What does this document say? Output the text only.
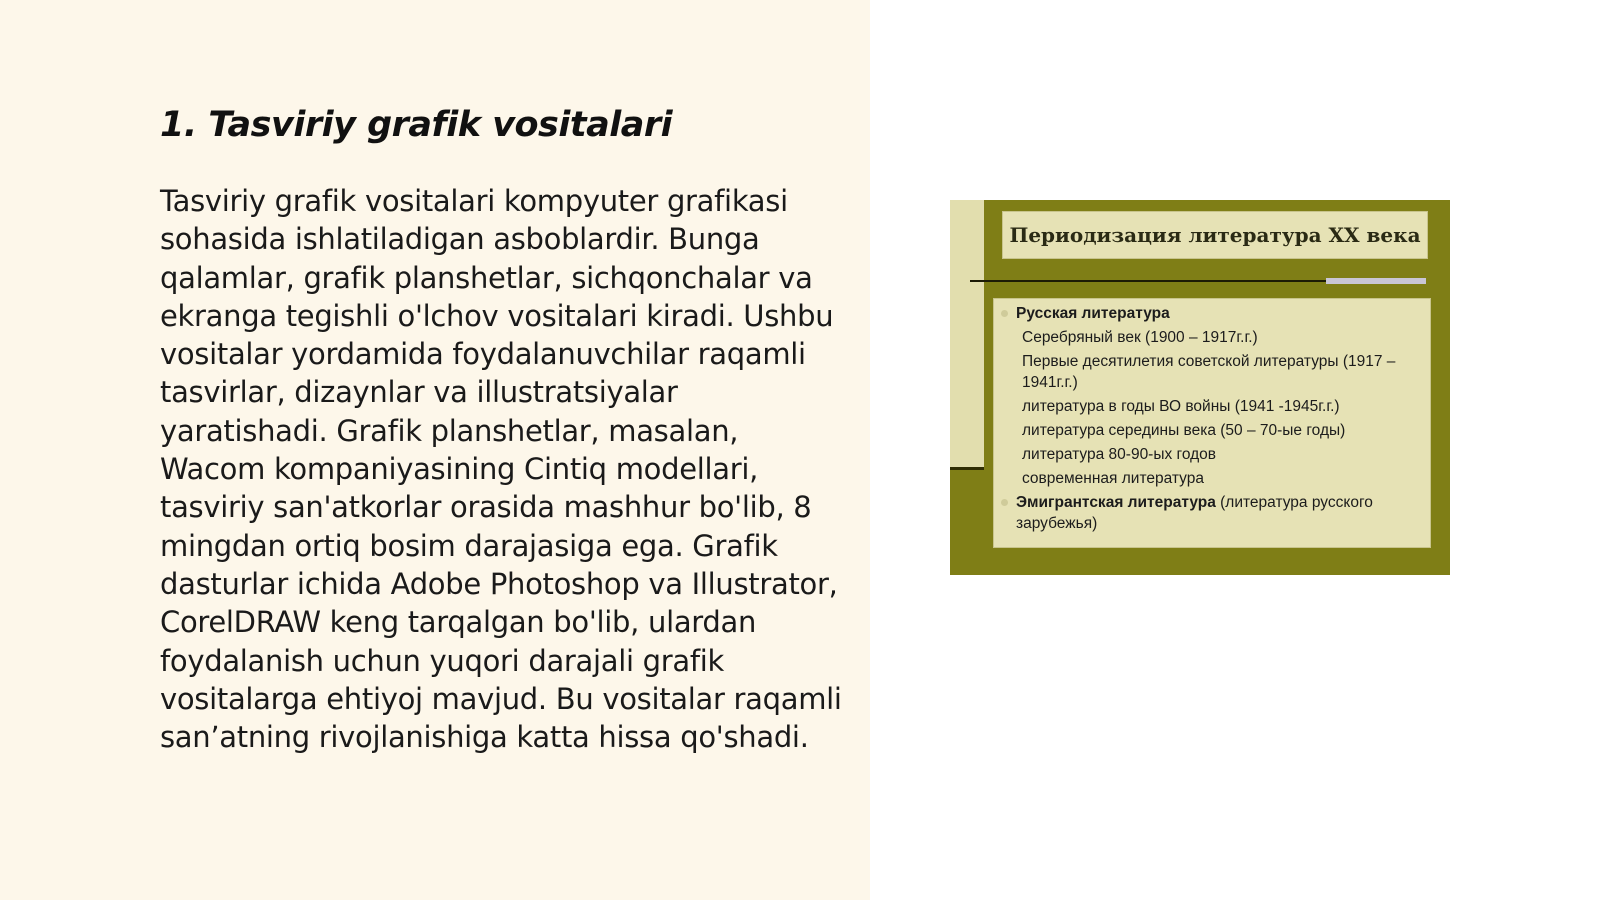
1. Tasviriy grafik vositalari

Tasviriy grafik vositalari kompyuter grafikasi sohasida ishlatiladigan asboblardir. Bunga qalamlar, grafik planshetlar, sichqonchalar va ekranga tegishli o'lchov vositalari kiradi. Ushbu vositalar yordamida foydalanuvchilar raqamli tasvirlar, dizaynlar va illustratsiyalar yaratishadi. Grafik planshetlar, masalan, Wacom kompaniyasining Cintiq modellari, tasviriy san'atkorlar orasida mashhur bo'lib, 8 mingdan ortiq bosim darajasiga ega. Grafik dasturlar ichida Adobe Photoshop va Illustrator, CorelDRAW keng tarqalgan bo'lib, ulardan foydalanish uchun yuqori darajali grafik vositalarga ehtiyoj mavjud. Bu vositalar raqamli san’atning rivojlanishiga katta hissa qo'shadi.

Периодизация литература XX века
Русская литература
Серебряный век (1900 – 1917г.г.)
Первые десятилетия советской литературы (1917 – 1941г.г.)
литература в годы ВО войны (1941 -1945г.г.)
литература середины века (50 – 70-ые годы)
литература 80-90-ых годов
современная литература
Эмигрантская литература (литература русского зарубежья)
